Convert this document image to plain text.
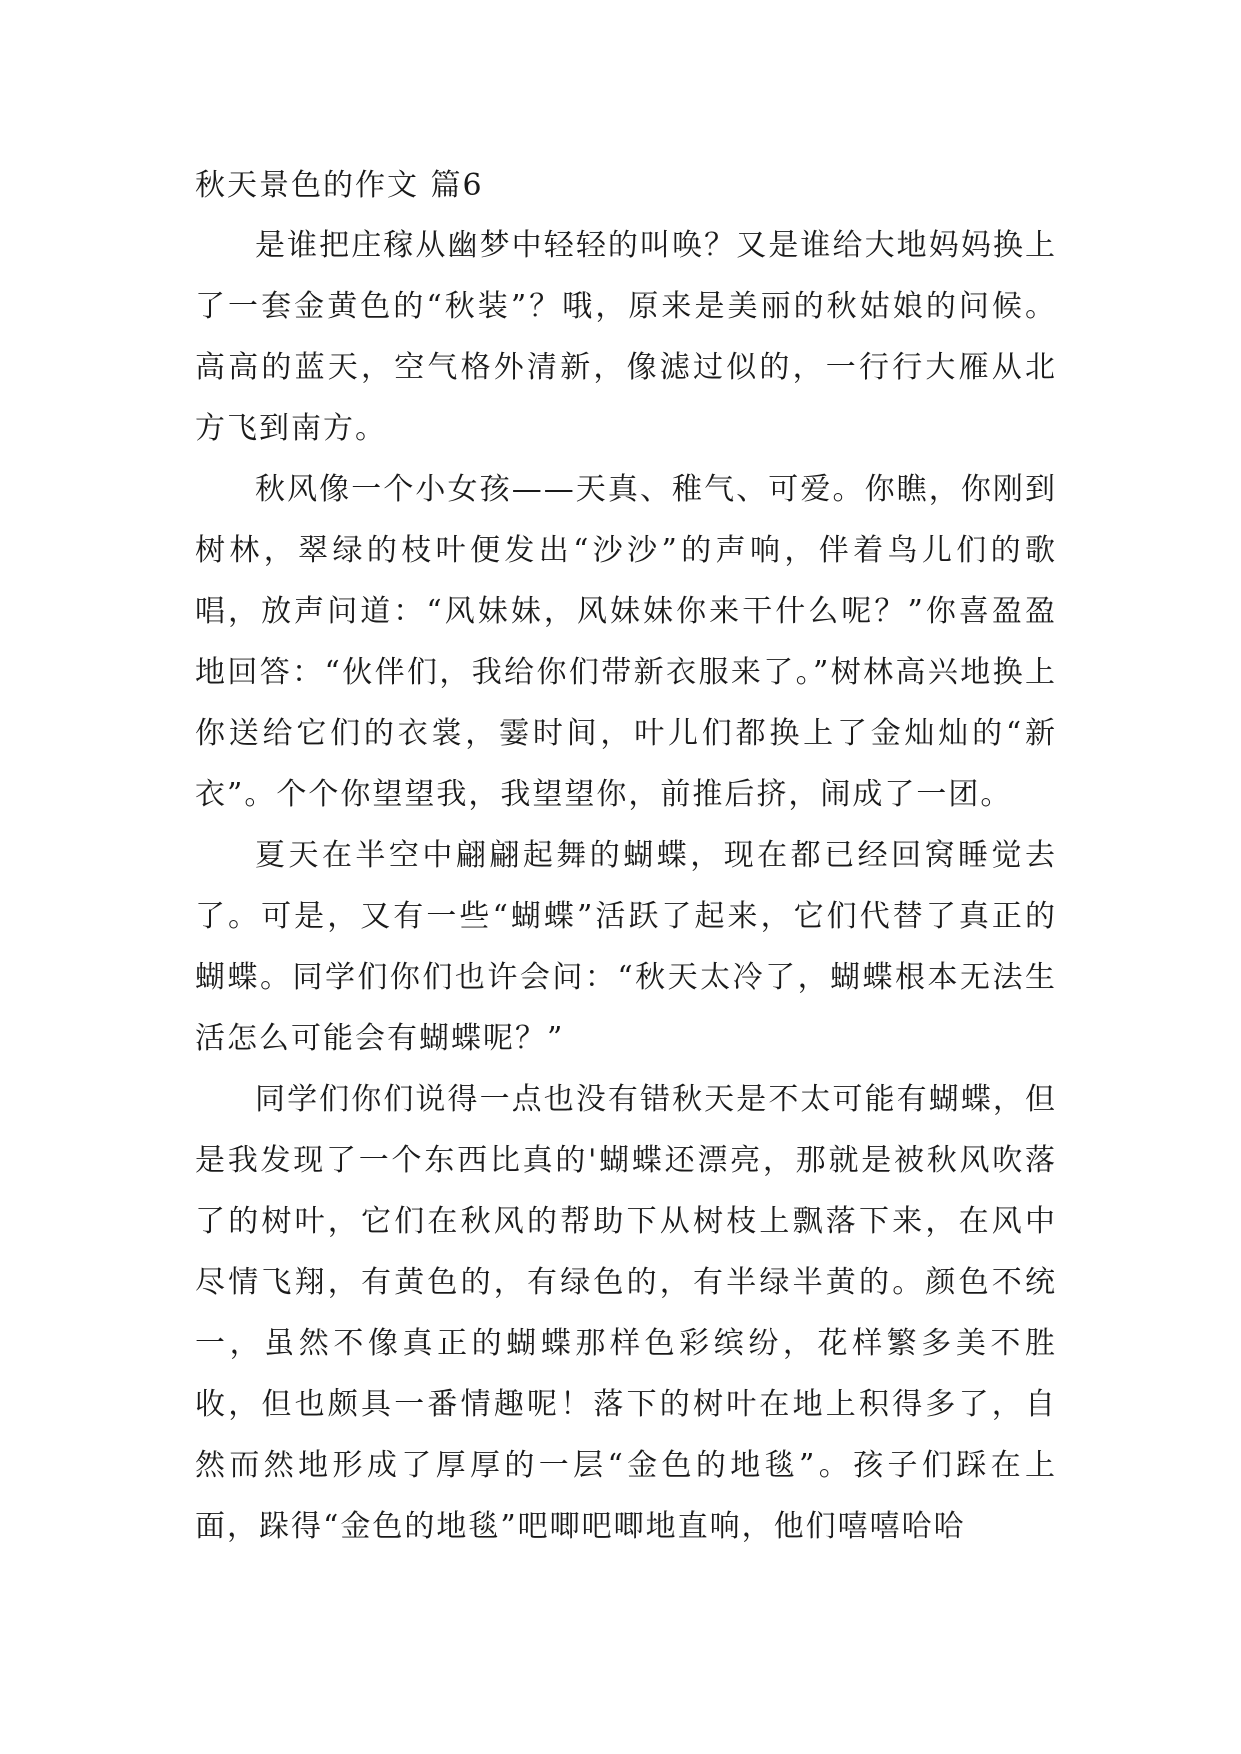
秋天景色的作文 篇6

是谁把庄稼从幽梦中轻轻的叫唤？又是谁给大地妈妈换上了一套金黄色的“秋装”？哦，原来是美丽的秋姑娘的问候。高高的蓝天，空气格外清新，像滤过似的，一行行大雁从北方飞到南方。

秋风像一个小女孩——天真、稚气、可爱。你瞧，你刚到树林，翠绿的枝叶便发出“沙沙”的声响，伴着鸟儿们的歌唱，放声问道：“风妹妹，风妹妹你来干什么呢？”你喜盈盈地回答：“伙伴们，我给你们带新衣服来了。”树林高兴地换上你送给它们的衣裳，霎时间，叶儿们都换上了金灿灿的“新衣”。个个你望望我，我望望你，前推后挤，闹成了一团。

夏天在半空中翩翩起舞的蝴蝶，现在都已经回窝睡觉去了。可是，又有一些“蝴蝶”活跃了起来，它们代替了真正的蝴蝶。同学们你们也许会问：“秋天太冷了，蝴蝶根本无法生活怎么可能会有蝴蝶呢？”

同学们你们说得一点也没有错秋天是不太可能有蝴蝶，但是我发现了一个东西比真的'蝴蝶还漂亮，那就是被秋风吹落了的树叶，它们在秋风的帮助下从树枝上飘落下来，在风中尽情飞翔，有黄色的，有绿色的，有半绿半黄的。颜色不统一，虽然不像真正的蝴蝶那样色彩缤纷，花样繁多美不胜收，但也颇具一番情趣呢！落下的树叶在地上积得多了，自然而然地形成了厚厚的一层“金色的地毯”。孩子们踩在上面，跺得“金色的地毯”吧唧吧唧地直响，他们嘻嘻哈哈
